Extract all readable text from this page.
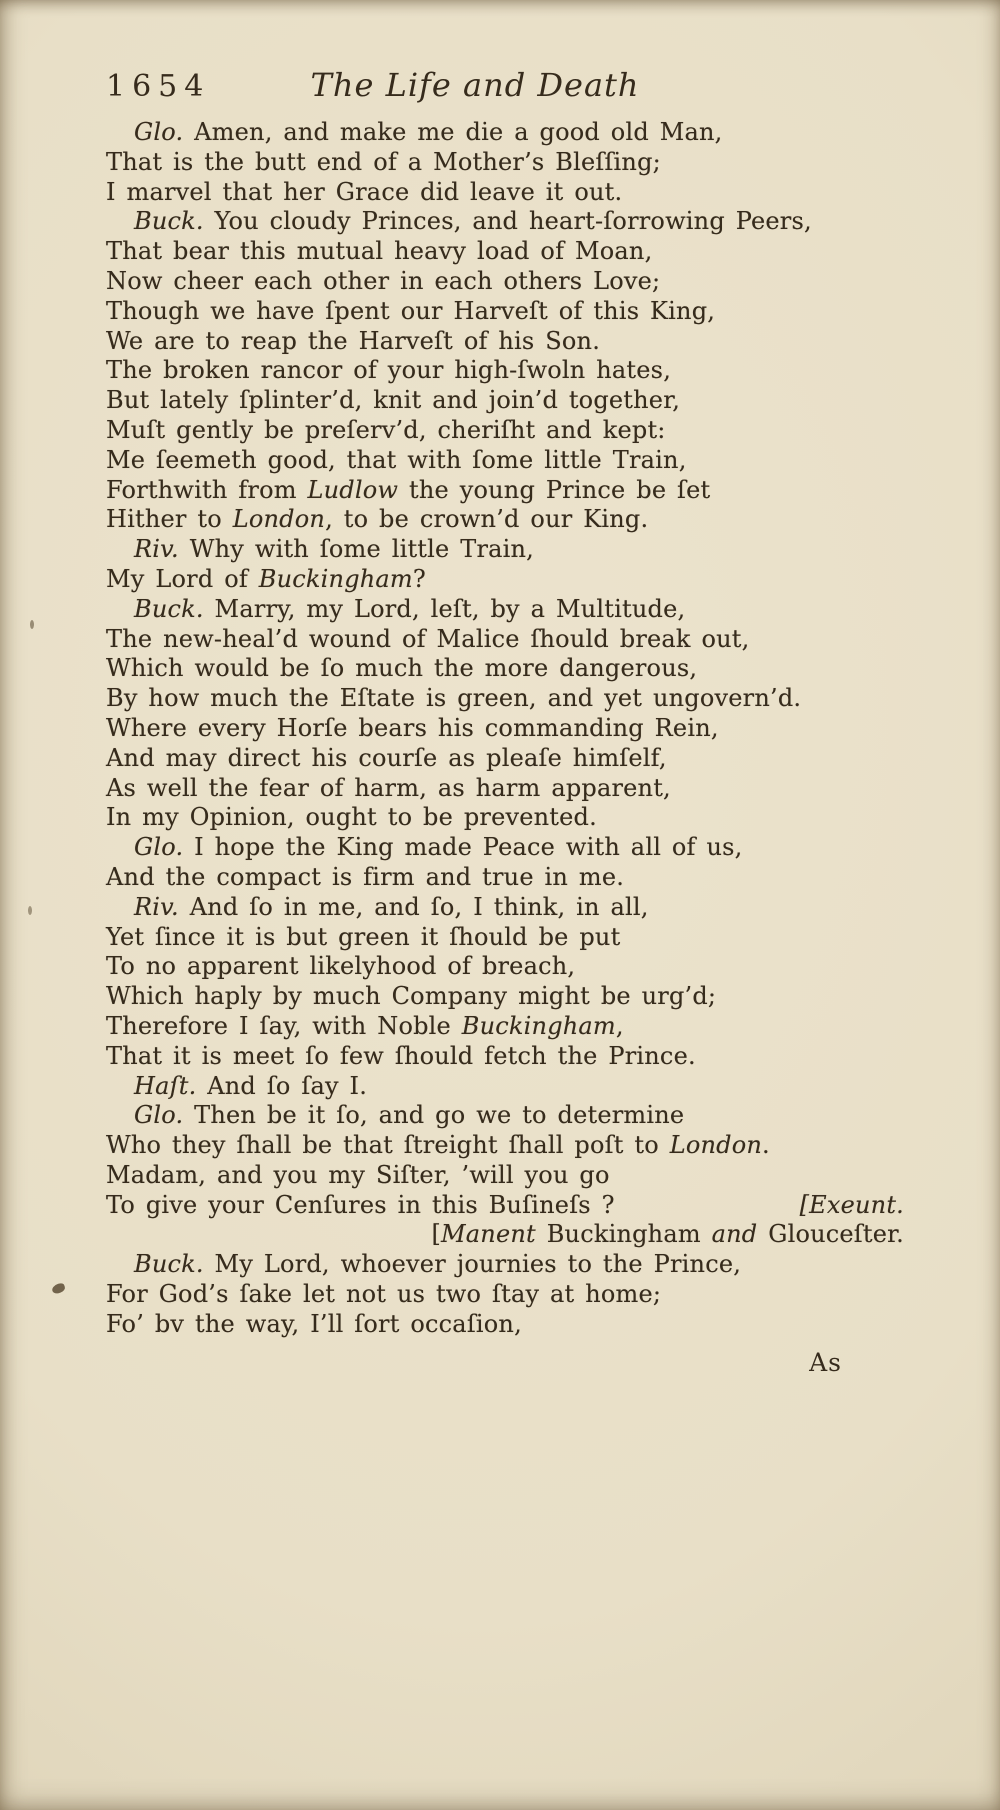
1654	The Life and Death
Glo. Amen, and make me die a good old Man,
That is the butt end of a Mother’s Bleſſing;
I marvel that her Grace did leave it out.
Buck. You cloudy Princes, and heart-ſorrowing Peers,
That bear this mutual heavy load of Moan,
Now cheer each other in each others Love;
Though we have ſpent our Harveſt of this King,
We are to reap the Harveſt of his Son.
The broken rancor of your high-ſwoln hates,
But lately ſplinter’d, knit and join’d together,
Muſt gently be preſerv’d, cheriſht and kept:
Me ſeemeth good, that with ſome little Train,
Forthwith from Ludlow the young Prince be ſet
Hither to London, to be crown’d our King.
Riv. Why with ſome little Train,
My Lord of Buckingham?
Buck. Marry, my Lord, leſt, by a Multitude,
The new-heal’d wound of Malice ſhould break out,
Which would be ſo much the more dangerous,
By how much the Eſtate is green, and yet ungovern’d.
Where every Horſe bears his commanding Rein,
And may direct his courſe as pleaſe himſelf,
As well the fear of harm, as harm apparent,
In my Opinion, ought to be prevented.
Glo. I hope the King made Peace with all of us,
And the compact is firm and true in me.
Riv. And ſo in me, and ſo, I think, in all,
Yet ſince it is but green it ſhould be put
To no apparent likelyhood of breach,
Which haply by much Company might be urg’d;
Therefore I ſay, with Noble Buckingham,
That it is meet ſo few ſhould fetch the Prince.
Haſt. And ſo ſay I.
Glo. Then be it ſo, and go we to determine
Who they ſhall be that ſtreight ſhall poſt to London.
Madam, and you my Siſter, ’will you go
To give your Cenſures in this Buſineſs ?	[Exeunt.
[Manent Buckingham and Glouceſter.
Buck. My Lord, whoever journies to the Prince,
For God’s ſake let not us two ſtay at home;
Fo’ bv the way, I’ll ſort occaſion,
As
